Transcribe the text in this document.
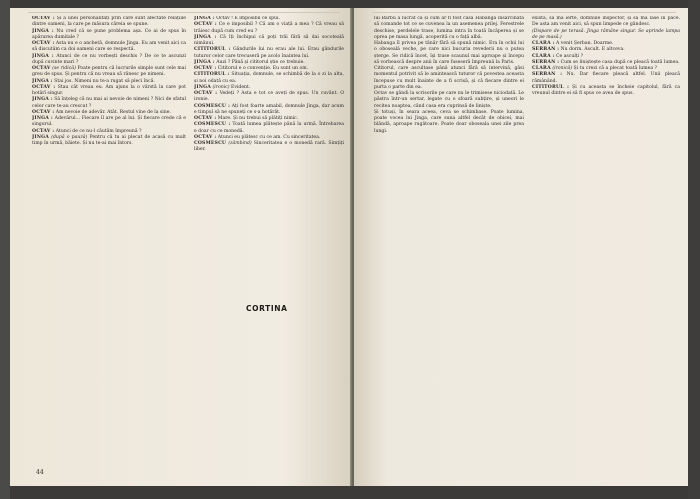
OCTAV : Și a unei personalități prin care sunt afectate relațiile dintre oameni, la care pe măsura căreia se spune.

JINGA : Nu cred că se pune problema așa. Ce ai de spus în apărarea dumitale ?

OCTAV : Asta nu e o anchetă, domnule Jinga. Eu am venit aici ca să discutăm ca doi oameni care se respectă.

JINGA : Atunci de ce nu vorbești deschis ? De ce te ascunzi după cuvinte mari ?

OCTAV (se ridică) Poate pentru că lucrurile simple sunt cele mai greu de spus. Și pentru că nu vreau să rănesc pe nimeni.

JINGA : Stai jos. Nimeni nu te-a rugat să pleci încă.

OCTAV : Stau cât vreau eu. Am ajuns la o vârstă la care pot hotărî singur.

JINGA : Să înțeleg că nu mai ai nevoie de nimeni ? Nici de sfatul celor care te-au crescut ?

OCTAV : Am nevoie de adevăr. Atât. Restul vine de la sine.

JINGA : Adevărul... Fiecare îl are pe al lui. Și fiecare crede că e singurul.

OCTAV : Atunci de ce nu-l căutăm împreună ?

JINGA (după o pauză) Pentru că tu ai plecat de acasă cu mult timp în urmă, băiete. Și nu te-ai mai întors.

JINGA : Octav ! E imposibil ce spui.

OCTAV : Ce e imposibil ? Că am o viață a mea ? Că vreau să trăiesc după cum cred eu ?

JINGA : Că îți închipui că poți trăi fără să dai socoteală nimănui.

CITITORUL : Gândurile lui nu erau ale lui. Erau gândurile tuturor celor care trecuseră pe acolo înaintea lui.

JINGA : Auzi ? Până și cititorul știe ce trebuie.

OCTAV : Cititorul e o convenție. Eu sunt un om.

CITITORUL : Situația, domnule, se schimbă de la o zi la alta, și noi odată cu ea.

JINGA (ironic) Evident.

OCTAV : Vedeți ? Asta e tot ce aveți de spus. Un cuvânt. O ironie.

COSMESCU : Ați fost foarte amabil, domnule Jinga, dar acum e timpul să ne spuneți ce s-a hotărât.

OCTAV : Mare. Și nu trebui să plătiți nimic.

COSMESCU : Toată lumea plătește până la urmă. Întrebarea e doar cu ce monedă.

OCTAV : Atunci eu plătesc cu ce am. Cu sinceritatea.

COSMESCU (zâmbind) Sinceritatea e o monedă rară. Simțiți liber.

44

lui Barbu a lucrat ca și cum ar fi fost casa Habanga însărcinată să comande tot ce se cuvenea la un asemenea prilej. Ferestrele deschise, perdelele trase, lumina intra în toată încăperea și se oprea pe masa lungă, acoperită cu o față albă.

Habanga îl privea pe tânăr fără să spună nimic. Era în ochii lui o oboseală veche, pe care nici bucuria revederii nu o putea șterge. Se ridică încet, își trase scaunul mai aproape și începu să vorbească despre anii în care fuseseră împreună la Paris.

Cititorul, care ascultase până atunci fără să intervină, găsi momentul potrivit să le amintească tuturor că povestea aceasta începuse cu mult înainte de a fi scrisă, și că fiecare dintre ei purta o parte din ea.

Octav se gândi la scrisorile pe care nu le trimisese niciodată. Le păstra într-un sertar, legate cu o sfoară subțire, și uneori le recitea noaptea, când casa era cuprinsă de liniște.

Și totuși, în seara aceea, ceva se schimbase. Poate lumina, poate vocea lui Jinga, care suna altfel decât de obicei, mai blândă, aproape rugătoare. Poate doar oboseala unei zile prea lungi.

există, să mă ierte, domnule inspector, și să mă lase în pace. De asta am venit aici, să spun limpede ce gândesc.

(Dispare de pe terasă. Jinga rămâne singur. Se aprinde lampa de pe masă.)

CLARA : A venit Șerban. Doarme.

SERBAN : Nu dorm. Ascult. E altceva.

CLARA : Ce asculți ?

SERBAN : Cum se liniștește casa după ce pleacă toată lumea.

CLARA (ironică) Și tu crezi că a plecat toată lumea ?

SERBAN : Nu. Dar fiecare pleacă altfel. Unii pleacă rămânând.

CITITORUL : Și cu aceasta se încheie capitolul, fără ca vreunul dintre ei să fi spus ce avea de spus.

CORTINA
